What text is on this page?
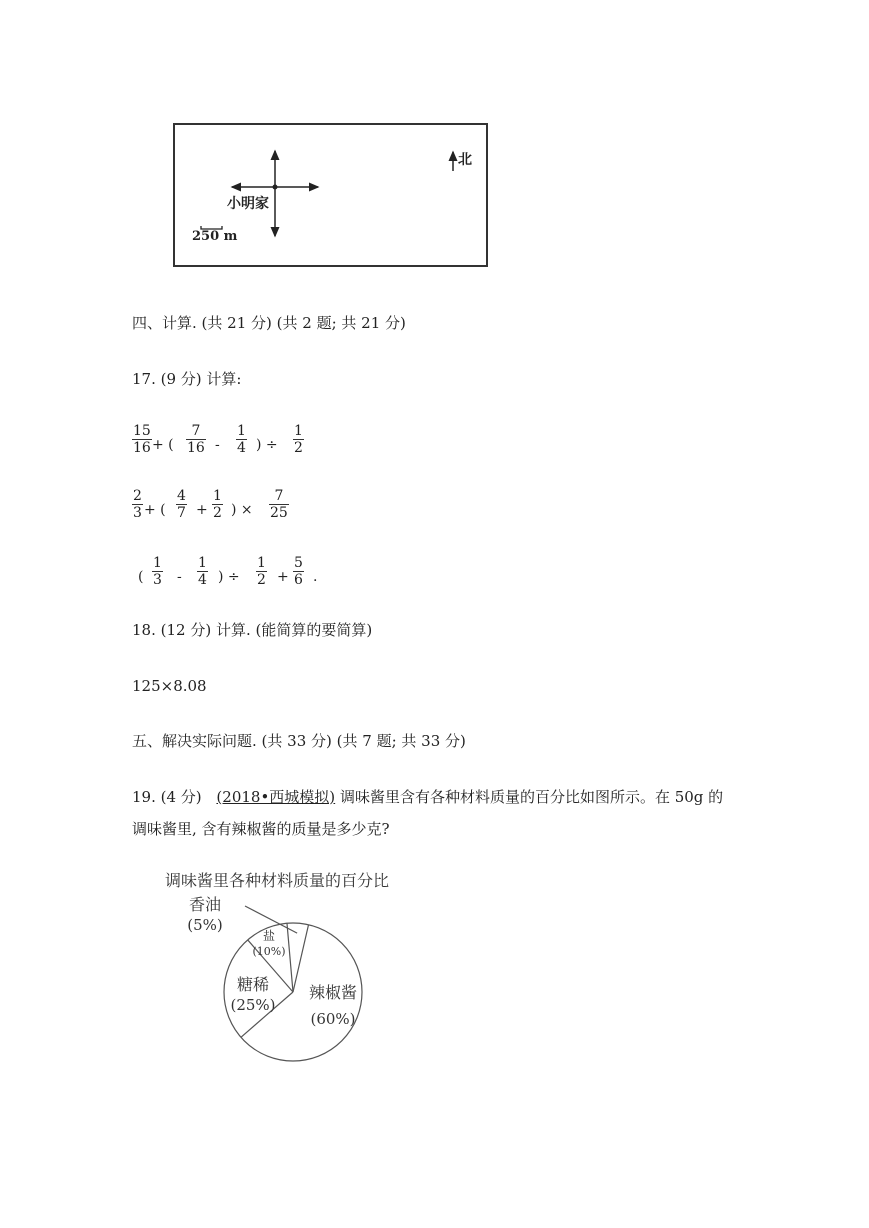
小明家
250 m
北
四、计算. (共 21 分) (共 2 题; 共 21 分)
17. (9 分) 计算:
15
16 + (
7
16 -
1
4 ) ÷
1
2
2
3 + (
4
7 +
1
2 ) ×
7
25
(
1
3 -
1
4 ) ÷
1
2 +
5
6 .
18. (12 分) 计算. (能简算的要简算)
125×8.08
五、解决实际问题. (共 33 分) (共 7 题; 共 33 分)
19. (4 分) (2018•西城模拟) 调味酱里含有各种材料质量的百分比如图所示。在 50g 的
调味酱里, 含有辣椒酱的质量是多少克?
调味酱里各种材料质量的百分比
辣椒酱
(60%)
糖稀
(25%)
盐
(10%)
香油
(5%)
